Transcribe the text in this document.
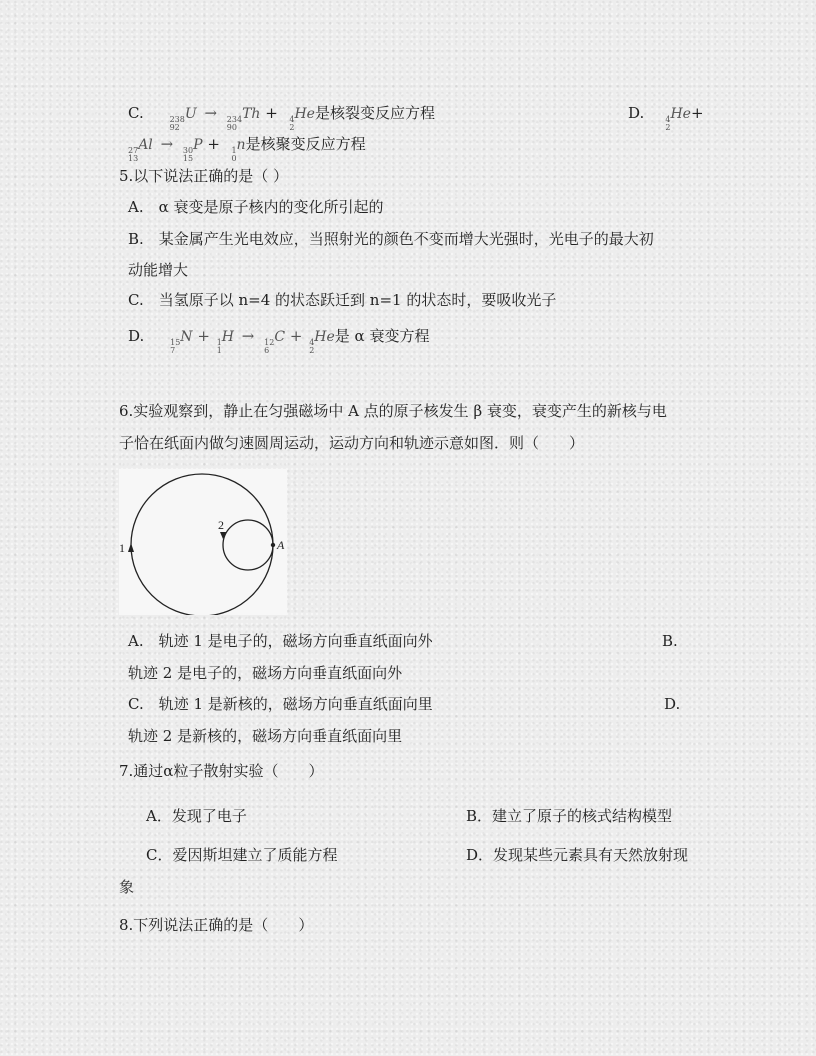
C.	238
92
U → 234
90
Th + 4
2
He是核裂变反应方程	D.	4
2
He+
27
13
Al → 30
15
P + 1
0
n是核聚变反应方程
5.以下说法正确的是（ ）
A.　α 衰变是原子核内的变化所引起的
B.　某金属产生光电效应，当照射光的颜色不变而增大光强时，光电子的最大初
动能增大
C.　当氢原子以 n=4 的状态跃迁到 n=1 的状态时，要吸收光子
D.	15
7
N + 1
1
H → 12
6
C + 4
2
He是 α 衰变方程
6.实验观察到，静止在匀强磁场中 A 点的原子核发生 β 衰变，衰变产生的新核与电
子恰在纸面内做匀速圆周运动，运动方向和轨迹示意如图．则（　　）
1
2
A
A.　轨迹 1 是电子的，磁场方向垂直纸面向外	B.
轨迹 2 是电子的，磁场方向垂直纸面向外
C.　轨迹 1 是新核的，磁场方向垂直纸面向里	D.
轨迹 2 是新核的，磁场方向垂直纸面向里
7.通过α粒子散射实验（　　）
A．发现了电子	B．建立了原子的核式结构模型
C．爱因斯坦建立了质能方程	D．发现某些元素具有天然放射现
象
8.下列说法正确的是（　　）
